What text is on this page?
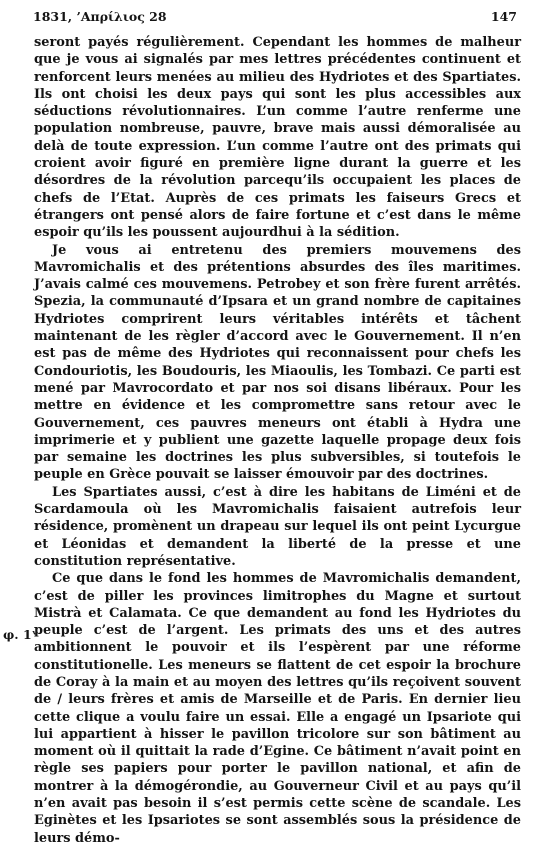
1831, ’Απρίλιος 28	147
φ. 1ᵛ

seront payés régulièrement. Cependant les hommes de malheur que je vous ai signalés par mes lettres précédentes continuent et renforcent leurs menées au milieu des Hydriotes et des Spartiates. Ils ont choisi les deux pays qui sont les plus accessibles aux séductions révolutionnaires. L’un comme l’autre renferme une population nombreuse, pauvre, brave mais aussi démoralisée au delà de toute expression. L’un comme l’autre ont des primats qui croient avoir figuré en première ligne durant la guerre et les désordres de la révolution parcequ’ils occupaient les places de chefs de l’Etat. Auprès de ces primats les faiseurs Grecs et étrangers ont pensé alors de faire fortune et c’est dans le même espoir qu’ils les poussent aujourdhui à la sédition.

Je vous ai entretenu des premiers mouvemens des Mavromichalis et des prétentions absurdes des îles maritimes. J’avais calmé ces mouvemens. Petrobey et son frère furent arrêtés. Spezia, la communauté d’Ipsara et un grand nombre de capitaines Hydriotes comprirent leurs véritables intérêts et tâchent maintenant de les règler d’accord avec le Gouvernement. Il n’en est pas de même des Hydriotes qui reconnaissent pour chefs les Condouriotis, les Boudouris, les Miaoulis, les Tombazi. Ce parti est mené par Mavrocordato et par nos soi disans libéraux. Pour les mettre en évidence et les compromettre sans retour avec le Gouvernement, ces pauvres meneurs ont établi à Hydra une imprimerie et y publient une gazette laquelle propage deux fois par semaine les doctrines les plus subversibles, si toutefois le peuple en Grèce pouvait se laisser émouvoir par des doctrines.

Les Spartiates aussi, c’est à dire les habitans de Liméni et de Scardamoula où les Mavromichalis faisaient autrefois leur résidence, promènent un drapeau sur lequel ils ont peint Lycurgue et Léonidas et demandent la liberté de la presse et une constitution représentative.

Ce que dans le fond les hommes de Mavromichalis demandent, c’est de piller les provinces limitrophes du Magne et surtout Mistrà et Calamata. Ce que demandent au fond les Hydriotes du peuple c’est de l’argent. Les primats des uns et des autres ambitionnent le pouvoir et ils l’espèrent par une réforme constitutionelle. Les meneurs se flattent de cet espoir la brochure de Coray à la main et au moyen des lettres qu’ils reçoivent souvent de / leurs frères et amis de Marseille et de Paris. En dernier lieu cette clique a voulu faire un essai. Elle a engagé un Ipsariote qui lui appartient à hisser le pavillon tricolore sur son bâtiment au moment où il quittait la rade d’Egine. Ce bâtiment n’avait point en règle ses papiers pour porter le pavillon national, et afin de montrer à la démogérondie, au Gouverneur Civil et au pays qu’il n’en avait pas besoin il s’est permis cette scène de scandale. Les Eginètes et les Ipsariotes se sont assemblés sous la présidence de leurs démo-
